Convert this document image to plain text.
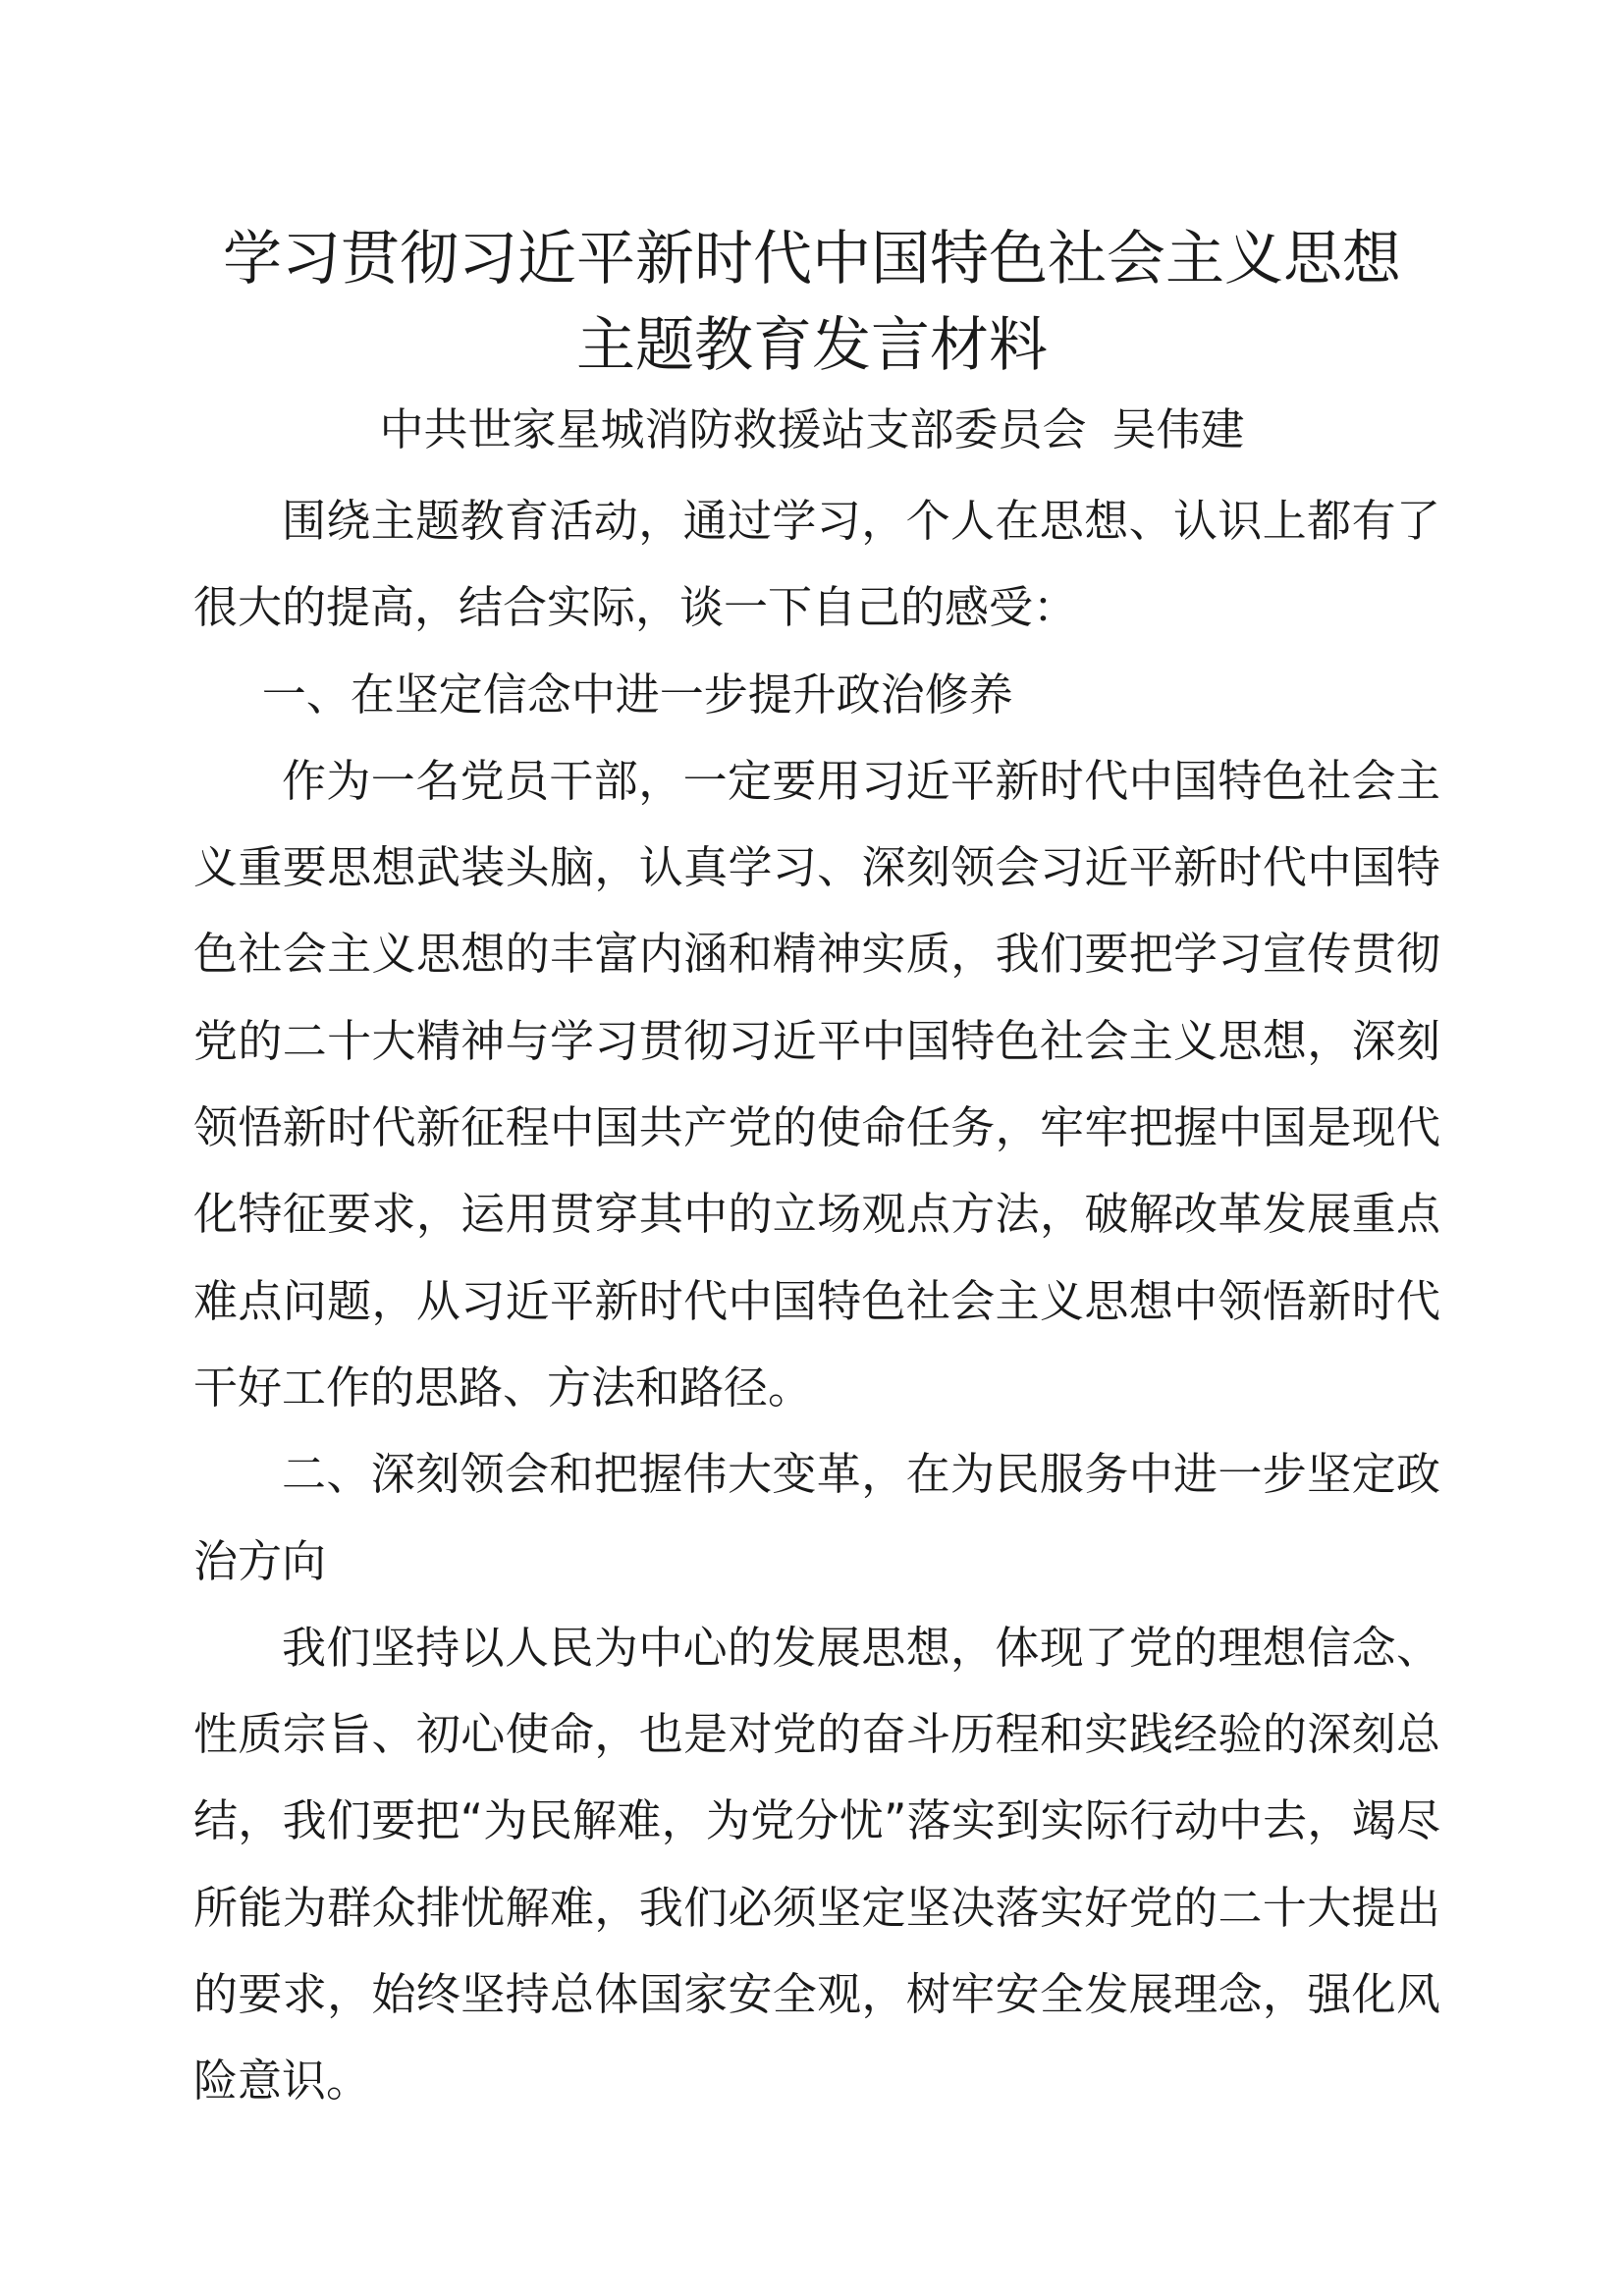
学习贯彻习近平新时代中国特色社会主义思想
主题教育发言材料
中共世家星城消防救援站支部委员会 吴伟建

围绕主题教育活动，通过学习，个人在思想、认识上都有了很大的提高，结合实际，谈一下自己的感受：

一、在坚定信念中进一步提升政治修养

作为一名党员干部，一定要用习近平新时代中国特色社会主义重要思想武装头脑，认真学习、深刻领会习近平新时代中国特色社会主义思想的丰富内涵和精神实质，我们要把学习宣传贯彻党的二十大精神与学习贯彻习近平中国特色社会主义思想，深刻领悟新时代新征程中国共产党的使命任务，牢牢把握中国是现代化特征要求，运用贯穿其中的立场观点方法，破解改革发展重点难点问题，从习近平新时代中国特色社会主义思想中领悟新时代干好工作的思路、方法和路径。

二、深刻领会和把握伟大变革，在为民服务中进一步坚定政治方向

我们坚持以人民为中心的发展思想，体现了党的理想信念、性质宗旨、初心使命，也是对党的奋斗历程和实践经验的深刻总结，我们要把“为民解难，为党分忧”落实到实际行动中去，竭尽所能为群众排忧解难，我们必须坚定坚决落实好党的二十大提出的要求，始终坚持总体国家安全观，树牢安全发展理念，强化风险意识。
